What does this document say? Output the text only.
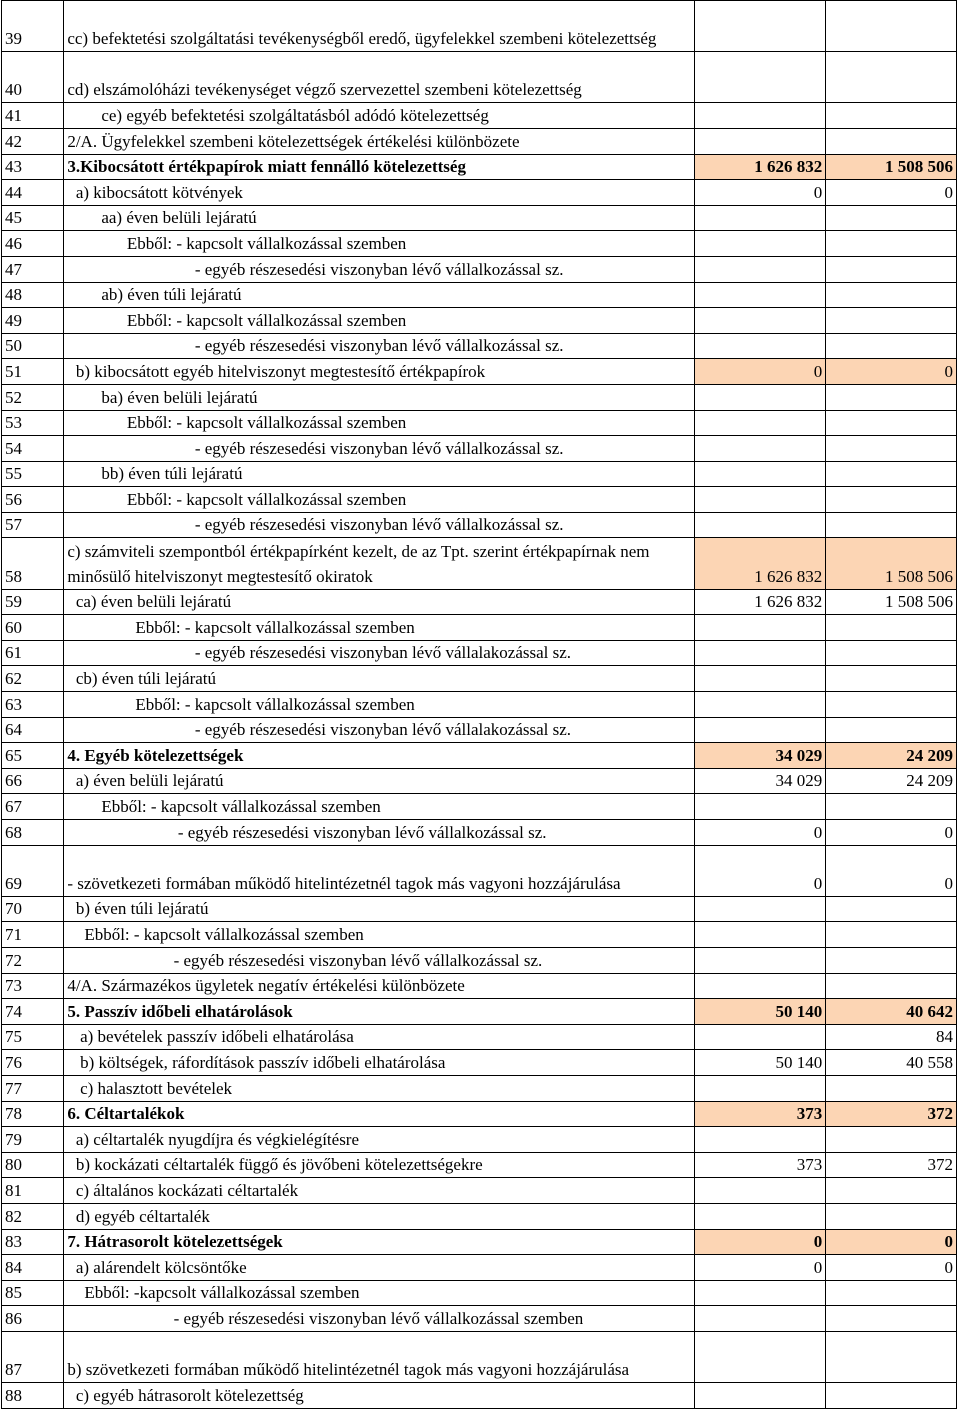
39	cc) befektetési szolgáltatási tevékenységből eredő, ügyfelekkel szembeni kötelezettség		
40	cd) elszámolóházi tevékenységet végző szervezettel szembeni kötelezettség		
41	ce) egyéb befektetési szolgáltatásból adódó kötelezettség		
42	2/A. Ügyfelekkel szembeni kötelezettségek értékelési különbözete		
43	3.Kibocsátott értékpapírok miatt fennálló kötelezettség	1 626 832	1 508 506
44	a) kibocsátott kötvények	0	0
45	aa) éven belüli lejáratú		
46	Ebből: - kapcsolt vállalkozással szemben		
47	- egyéb részesedési viszonyban lévő vállalkozással sz.		
48	ab) éven túli lejáratú		
49	Ebből: - kapcsolt vállalkozással szemben		
50	- egyéb részesedési viszonyban lévő vállalkozással sz.		
51	b) kibocsátott egyéb hitelviszonyt megtestesítő értékpapírok	0	0
52	ba) éven belüli lejáratú		
53	Ebből: - kapcsolt vállalkozással szemben		
54	- egyéb részesedési viszonyban lévő vállalkozással sz.		
55	bb) éven túli lejáratú		
56	Ebből: - kapcsolt vállalkozással szemben		
57	- egyéb részesedési viszonyban lévő vállalkozással sz.		
58	c) számviteli szempontból értékpapírként kezelt, de az Tpt. szerint értékpapírnak nem minősülő hitelviszonyt megtestesítő okiratok	1 626 832	1 508 506
59	ca) éven belüli lejáratú	1 626 832	1 508 506
60	Ebből: - kapcsolt vállalkozással szemben		
61	- egyéb részesedési viszonyban lévő vállalakozással sz.		
62	cb) éven túli lejáratú		
63	Ebből: - kapcsolt vállalkozással szemben		
64	- egyéb részesedési viszonyban lévő vállalakozással sz.		
65	4. Egyéb kötelezettségek	34 029	24 209
66	a) éven belüli lejáratú	34 029	24 209
67	Ebből: - kapcsolt vállalkozással szemben		
68	- egyéb részesedési viszonyban lévő vállalkozással sz.	0	0
69	- szövetkezeti formában működő hitelintézetnél tagok más vagyoni hozzájárulása	0	0
70	b) éven túli lejáratú		
71	Ebből: - kapcsolt vállalkozással szemben		
72	- egyéb részesedési viszonyban lévő vállalkozással sz.		
73	4/A. Származékos ügyletek negatív értékelési különbözete		
74	5. Passzív időbeli elhatárolások	50 140	40 642
75	a) bevételek passzív időbeli elhatárolása		84
76	b) költségek, ráfordítások passzív időbeli elhatárolása	50 140	40 558
77	c) halasztott bevételek		
78	6. Céltartalékok	373	372
79	a) céltartalék nyugdíjra és végkielégítésre		
80	b) kockázati céltartalék függő és jövőbeni kötelezettségekre	373	372
81	c) általános kockázati céltartalék		
82	d) egyéb céltartalék		
83	7. Hátrasorolt kötelezettségek	0	0
84	a) alárendelt kölcsöntőke	0	0
85	Ebből: -kapcsolt vállalkozással szemben		
86	- egyéb részesedési viszonyban lévő vállalkozással szemben		
87	b) szövetkezeti formában működő hitelintézetnél tagok más vagyoni hozzájárulása		
88	c) egyéb hátrasorolt kötelezettség		
